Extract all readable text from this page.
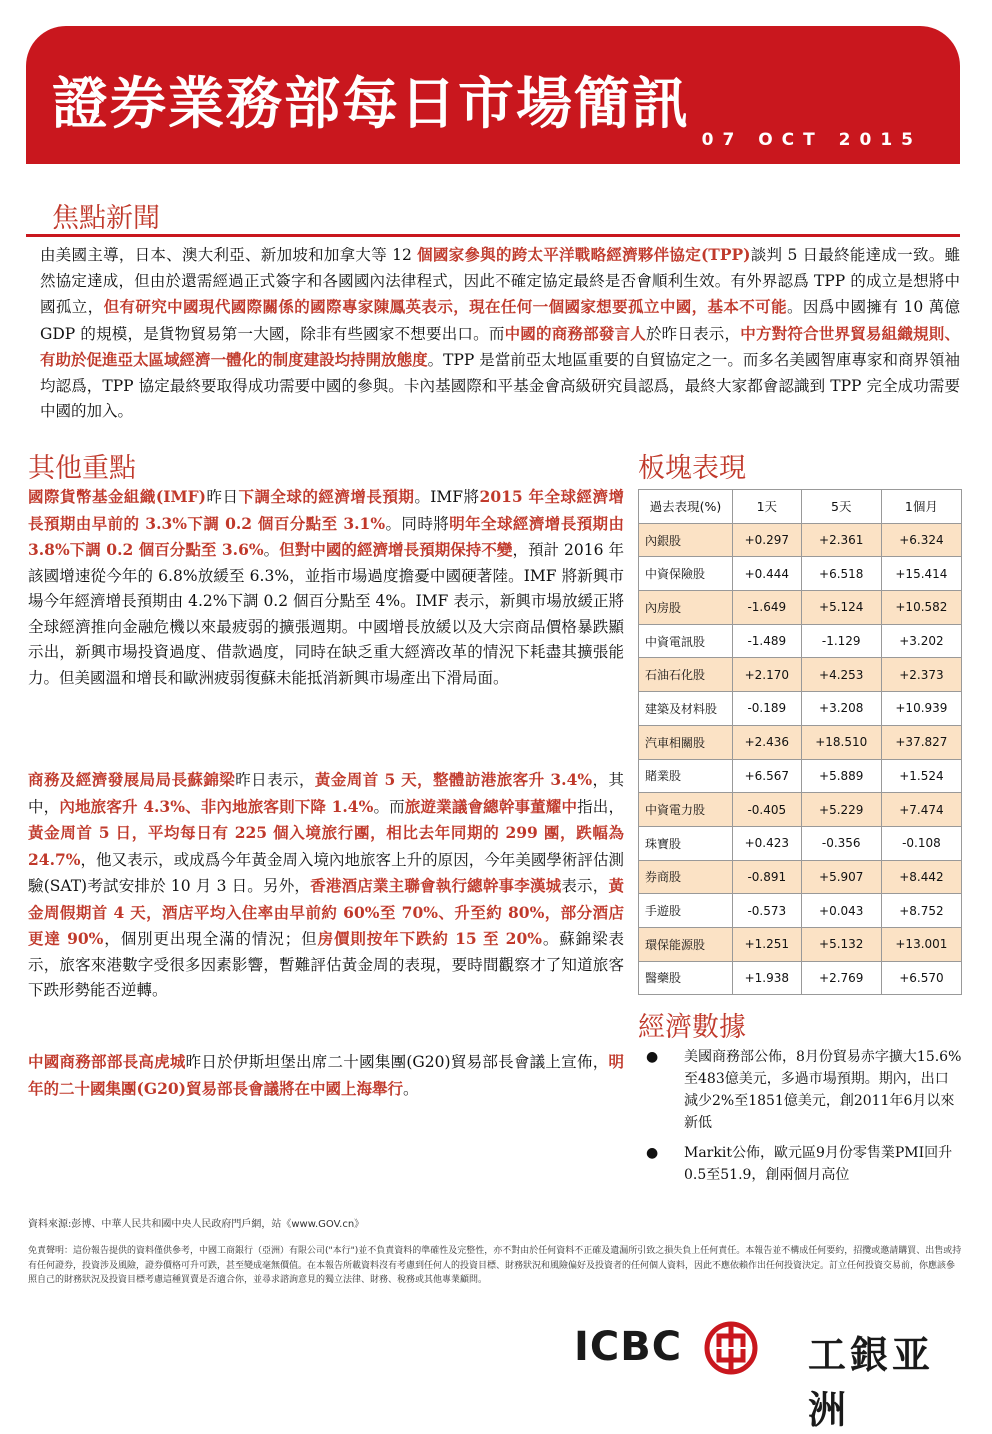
證券業務部每日市場簡訊
07 OCT 2015
焦點新聞
由美國主導，日本、澳大利亞、新加坡和加拿大等 12 個國家參與的跨太平洋戰略經濟夥伴協定(TPP)談判 5 日最終能達成一致。雖然協定達成，但由於還需經過正式簽字和各國國內法律程式，因此不確定協定最終是否會順利生效。有外界認爲 TPP 的成立是想將中國孤立，但有研究中國現代國際關係的國際專家陳鳳英表示，現在任何一個國家想要孤立中國，基本不可能。因爲中國擁有 10 萬億 GDP 的規模，是貨物貿易第一大國，除非有些國家不想要出口。而中國的商務部發言人於昨日表示，中方對符合世界貿易組織規則、有助於促進亞太區域經濟一體化的制度建設均持開放態度。TPP 是當前亞太地區重要的自貿協定之一。而多名美國智庫專家和商界領袖均認爲，TPP 協定最終要取得成功需要中國的參與。卡內基國際和平基金會高級研究員認爲，最終大家都會認識到 TPP 完全成功需要中國的加入。
其他重點
國際貨幣基金組織(IMF)昨日下調全球的經濟增長預期。IMF將2015 年全球經濟增長預期由早前的 3.3%下調 0.2 個百分點至 3.1%。同時將明年全球經濟增長預期由 3.8%下調 0.2 個百分點至 3.6%。但對中國的經濟增長預期保持不變，預計 2016 年該國增速從今年的 6.8%放緩至 6.3%，並指市場過度擔憂中國硬著陸。IMF 將新興市場今年經濟增長預期由 4.2%下調 0.2 個百分點至 4%。IMF 表示，新興市場放緩正將全球經濟推向金融危機以來最疲弱的擴張週期。中國增長放緩以及大宗商品價格暴跌顯示出，新興市場投資過度、借款過度，同時在缺乏重大經濟改革的情況下耗盡其擴張能力。但美國溫和增長和歐洲疲弱復蘇未能抵消新興市場產出下滑局面。
商務及經濟發展局局長蘇錦梁昨日表示，黃金周首 5 天，整體訪港旅客升 3.4%，其中，內地旅客升 4.3%、非內地旅客則下降 1.4%。而旅遊業議會總幹事董耀中指出，黃金周首 5 日，平均每日有 225 個入境旅行團，相比去年同期的 299 團，跌幅為 24.7%，他又表示，或成爲今年黃金周入境內地旅客上升的原因，今年美國學術評估測驗(SAT)考試安排於 10 月 3 日。另外，香港酒店業主聯會執行總幹事李漢城表示，黃金周假期首 4 天，酒店平均入住率由早前約 60%至 70%、升至約 80%，部分酒店更達 90%，個別更出現全滿的情況；但房價則按年下跌約 15 至 20%。蘇錦梁表示，旅客來港數字受很多因素影響，暫難評估黃金周的表現，要時間觀察才了知道旅客下跌形勢能否逆轉。
中國商務部部長高虎城昨日於伊斯坦堡出席二十國集團(G20)貿易部長會議上宣佈，明年的二十國集團(G20)貿易部長會議將在中國上海舉行。
板塊表現
過去表現(%)	1天	5天	1個月
內銀股	+0.297	+2.361	+6.324
中資保險股	+0.444	+6.518	+15.414
內房股	-1.649	+5.124	+10.582
中資電訊股	-1.489	-1.129	+3.202
石油石化股	+2.170	+4.253	+2.373
建築及材料股	-0.189	+3.208	+10.939
汽車相關股	+2.436	+18.510	+37.827
賭業股	+6.567	+5.889	+1.524
中資電力股	-0.405	+5.229	+7.474
珠寶股	+0.423	-0.356	-0.108
券商股	-0.891	+5.907	+8.442
手遊股	-0.573	+0.043	+8.752
環保能源股	+1.251	+5.132	+13.001
醫藥股	+1.938	+2.769	+6.570
經濟數據
● 美國商務部公佈，8月份貿易赤字擴大15.6%至483億美元，多過市場預期。期內，出口減少2%至1851億美元，創2011年6月以來新低
● Markit公佈，歐元區9月份零售業PMI回升0.5至51.9，創兩個月高位
資料來源:彭博、中華人民共和國中央人民政府門戶網，站《www.GOV.cn》
免責聲明：這份報告提供的資料僅供參考，中國工商銀行（亞洲）有限公司("本行")並不負責資料的準確性及完整性，亦不對由於任何資料不正確及遺漏所引致之損失負上任何責任。本報告並不構成任何要約，招攬或邀請購買、出售或持有任何證券，投資涉及風險，證券價格可升可跌，甚至變成毫無價值。在本報告所載資料沒有考慮到任何人的投資目標、財務狀況和風險偏好及投資者的任何個人資料，因此不應依賴作出任何投資決定。訂立任何投資交易前，你應該參照自己的財務狀況及投資目標考慮這種買賣是否適合你，並尋求諮詢意見的獨立法律、財務、稅務或其他專業顧問。
ICBC	工銀亚洲
